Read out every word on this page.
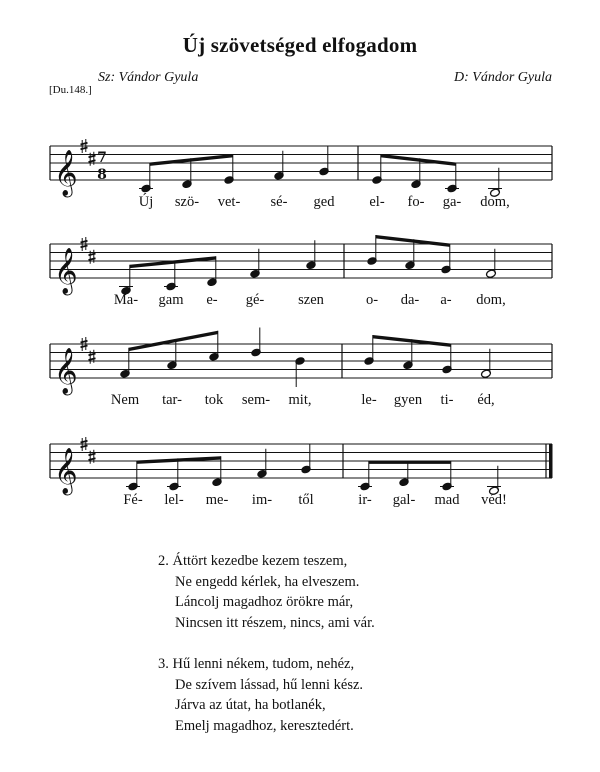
Új szövetséged elfogadom
[Du.148.]
Sz: Vándor Gyula	D: Vándor Gyula
𝄞 7
8
Új szö- vet- sé- ged el- fo- ga- dom,
𝄞
Ma- gam e- gé- szen	o- da- a- dom,
𝄞
Nem tar- tok sem- mit,	le- gyen ti- éd,
𝄞
Fé- lel- me- im- től	ir- gal- mad véd!
2. Áttört kezedbe kezem teszem,
Ne engedd kérlek, ha elveszem.
Láncolj magadhoz örökre már,
Nincsen itt részem, nincs, ami vár.
3. Hű lenni nékem, tudom, nehéz,
De szívem lássad, hű lenni kész.
Járva az útat, ha botlanék,
Emelj magadhoz, keresztedért.
